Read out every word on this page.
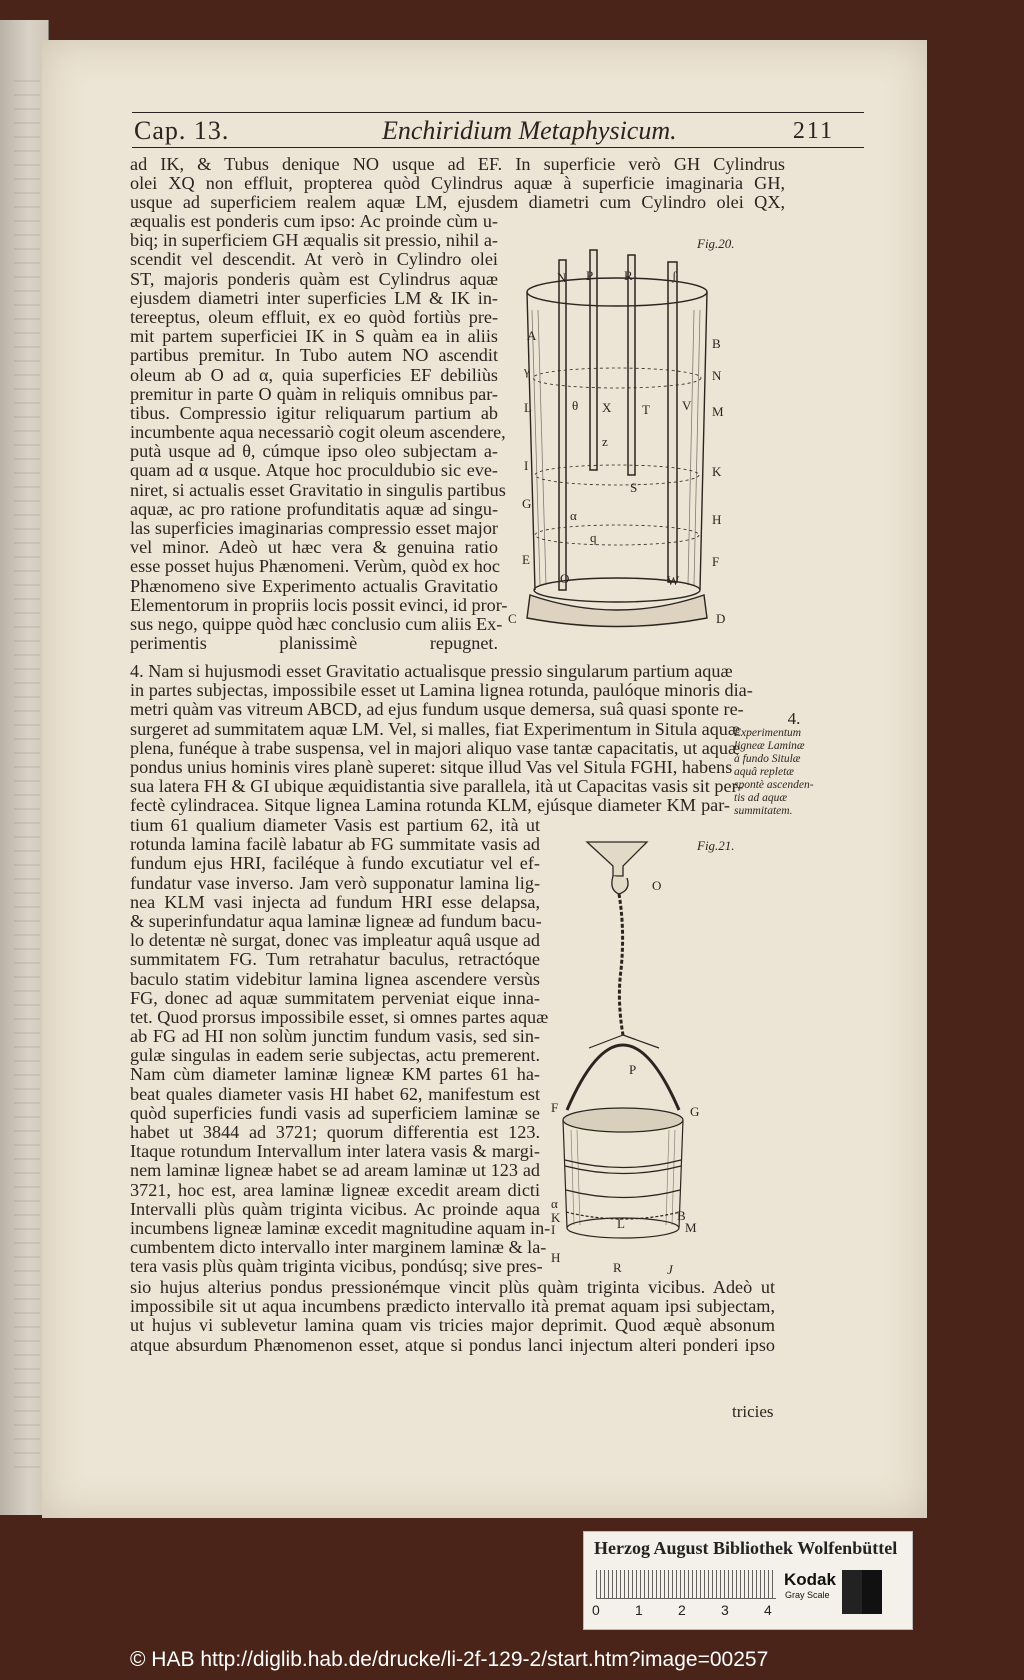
Cap. 13.	Enchiridium Metaphysicum.	211
ad IK, & Tubus denique NO usque ad EF. In superficie verò GH Cylindrus
olei XQ non effluit, propterea quòd Cylindrus aquæ à superficie imaginaria GH,
usque ad superficiem realem aquæ LM, ejusdem diametri cum Cylindro olei QX,
æqualis est ponderis cum ipso: Ac proinde cùm u-
biq; in superficiem GH æqualis sit pressio, nihil a-
scendit vel descendit. At verò in Cylindro olei
ST, majoris ponderis quàm est Cylindrus aquæ
ejusdem diametri inter superficies LM & IK in-
tereeptus, oleum effluit, ex eo quòd fortiùs pre-
mit partem superficiei IK in S quàm ea in aliis
partibus premitur. In Tubo autem NO ascendit
oleum ab O ad α, quia superficies EF debiliùs
premitur in parte O quàm in reliquis omnibus par-
tibus. Compressio igitur reliquarum partium ab
incumbente aqua necessariò cogit oleum ascendere,
putà usque ad θ, cúmque ipso oleo subjectam a-
quam ad α usque. Atque hoc proculdubio sic eve-
niret, si actualis esset Gravitatio in singulis partibus
aquæ, ac pro ratione profunditatis aquæ ad singu-
las superficies imaginarias compressio esset major
vel minor. Adeò ut hæc vera & genuina ratio
esse posset hujus Phænomeni. Verùm, quòd ex hoc
Phænomeno sive Experimento actualis Gravitatio
Elementorum in propriis locis possit evinci, id pror-
sus nego, quippe quòd hæc conclusio cum aliis Ex-
perimentis planissimè repugnet.
4. Nam si hujusmodi esset Gravitatio actualisque pressio singularum partium aquæ
in partes subjectas, impossibile esset ut Lamina lignea rotunda, paulóque minoris dia-
metri quàm vas vitreum ABCD, ad ejus fundum usque demersa, suâ quasi sponte re-
surgeret ad summitatem aquæ LM. Vel, si malles, fiat Experimentum in Situla aquæ
plena, funéque à trabe suspensa, vel in majori aliquo vase tantæ capacitatis, ut aquæ
pondus unius hominis vires planè superet: sitque illud Vas vel Situla FGHI, habens
sua latera FH & GI ubique æquidistantia sive parallela, ità ut Capacitas vasis sit per-
fectè cylindracea. Sitque lignea Lamina rotunda KLM, ejúsque diameter KM par-
tium 61 qualium diameter Vasis est partium 62, ità ut
rotunda lamina facilè labatur ab FG summitate vasis ad
fundum ejus HRI, faciléque à fundo excutiatur vel ef-
fundatur vase inverso. Jam verò supponatur lamina lig-
nea KLM vasi injecta ad fundum HRI esse delapsa,
& superinfundatur aqua laminæ ligneæ ad fundum bacu-
lo detentæ nè surgat, donec vas impleatur aquâ usque ad
summitatem FG. Tum retrahatur baculus, retractóque
baculo statim videbitur lamina lignea ascendere versùs
FG, donec ad aquæ summitatem perveniat eique inna-
tet. Quod prorsus impossibile esset, si omnes partes aquæ
ab FG ad HI non solùm junctim fundum vasis, sed sin-
gulæ singulas in eadem serie subjectas, actu premerent.
Nam cùm diameter laminæ ligneæ KM partes 61 ha-
beat quales diameter vasis HI habet 62, manifestum est
quòd superficies fundi vasis ad superficiem laminæ se
habet ut 3844 ad 3721; quorum differentia est 123.
Itaque rotundum Intervallum inter latera vasis & margi-
nem laminæ ligneæ habet se ad aream laminæ ut 123 ad
3721, hoc est, area laminæ ligneæ excedit aream dicti
Intervalli plùs quàm triginta vicibus. Ac proinde aqua
incumbens ligneæ laminæ excedit magnitudine aquam in-
cumbentem dicto intervallo inter marginem laminæ & la-
tera vasis plùs quàm triginta vicibus, pondúsq; sive pres-
sio hujus alterius pondus pressionémque vincit plùs quàm triginta vicibus. Adeò ut
impossibile sit ut aqua incumbens prædicto intervallo ità premat aquam ipsi subjectam,
ut hujus vi sublevetur lamina quam vis tricies major deprimit. Quod æquè absonum
atque absurdum Phænomenon esset, atque si pondus lanci injectum alteri ponderi ipso
tricies
4.
Experimentum
ligneæ Laminæ
à fundo Situlæ
aquâ repletæ
spontè ascenden-
tis ad aquæ
summitatem.
Fig.20.
N P R	ʃ
A
B
γ	N
L	M
I	K
G
H
E	F
C	D
θ X T V
z
α
S
q
O	W
Fig.21.
O
P
F	G
α
K
I
B
M
L
H
R	J
Herzog August Bibliothek Wolfenbüttel
0	1	2	3	4
Kodak
Gray Scale
© HAB http://diglib.hab.de/drucke/li-2f-129-2/start.htm?image=00257
